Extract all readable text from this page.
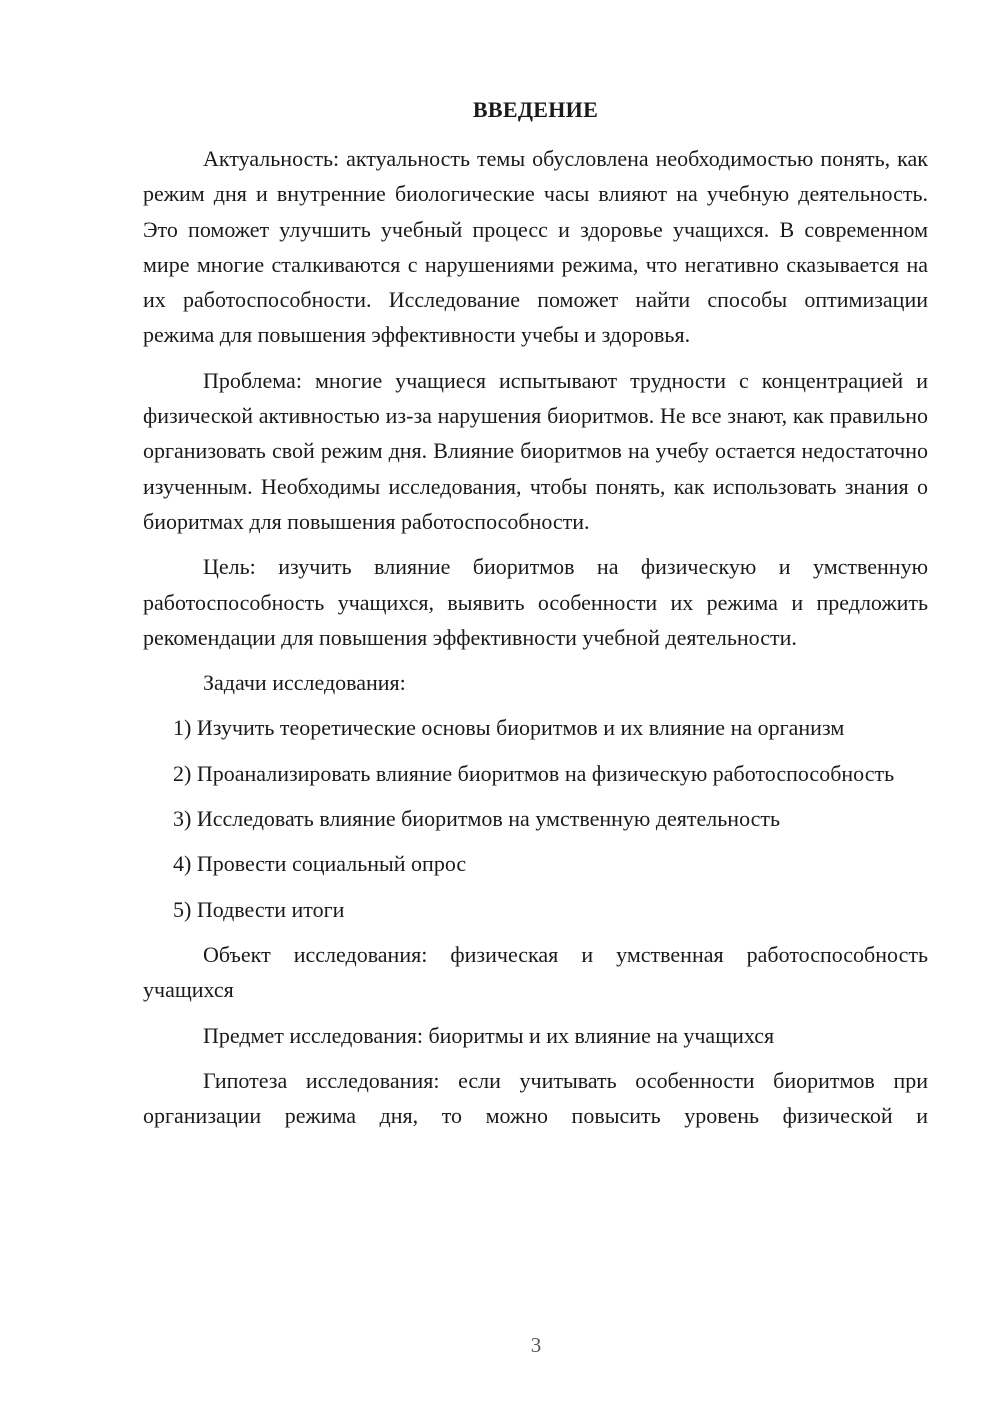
ВВЕДЕНИЕ

Актуальность: актуальность темы обусловлена необходимостью понять, как режим дня и внутренние биологические часы влияют на учебную деятельность. Это поможет улучшить учебный процесс и здоровье учащихся. В современном мире многие сталкиваются с нарушениями режима, что негативно сказывается на их работоспособности. Исследование поможет найти способы оптимизации режима для повышения эффективности учебы и здоровья.

Проблема: многие учащиеся испытывают трудности с концентрацией и физической активностью из-за нарушения биоритмов. Не все знают, как правильно организовать свой режим дня. Влияние биоритмов на учебу остается недостаточно изученным. Необходимы исследования, чтобы понять, как использовать знания о биоритмах для повышения работоспособности.

Цель: изучить влияние биоритмов на физическую и умственную работоспособность учащихся, выявить особенности их режима и предложить рекомендации для повышения эффективности учебной деятельности.

Задачи исследования:

1) Изучить теоретические основы биоритмов и их влияние на организм
2) Проанализировать влияние биоритмов на физическую работоспособность
3) Исследовать влияние биоритмов на умственную деятельность
4) Провести социальный опрос
5) Подвести итоги

Объект исследования: физическая и умственная работоспособность учащихся

Предмет исследования: биоритмы и их влияние на учащихся

Гипотеза исследования: если учитывать особенности биоритмов при организации режима дня, то можно повысить уровень физической и

3
